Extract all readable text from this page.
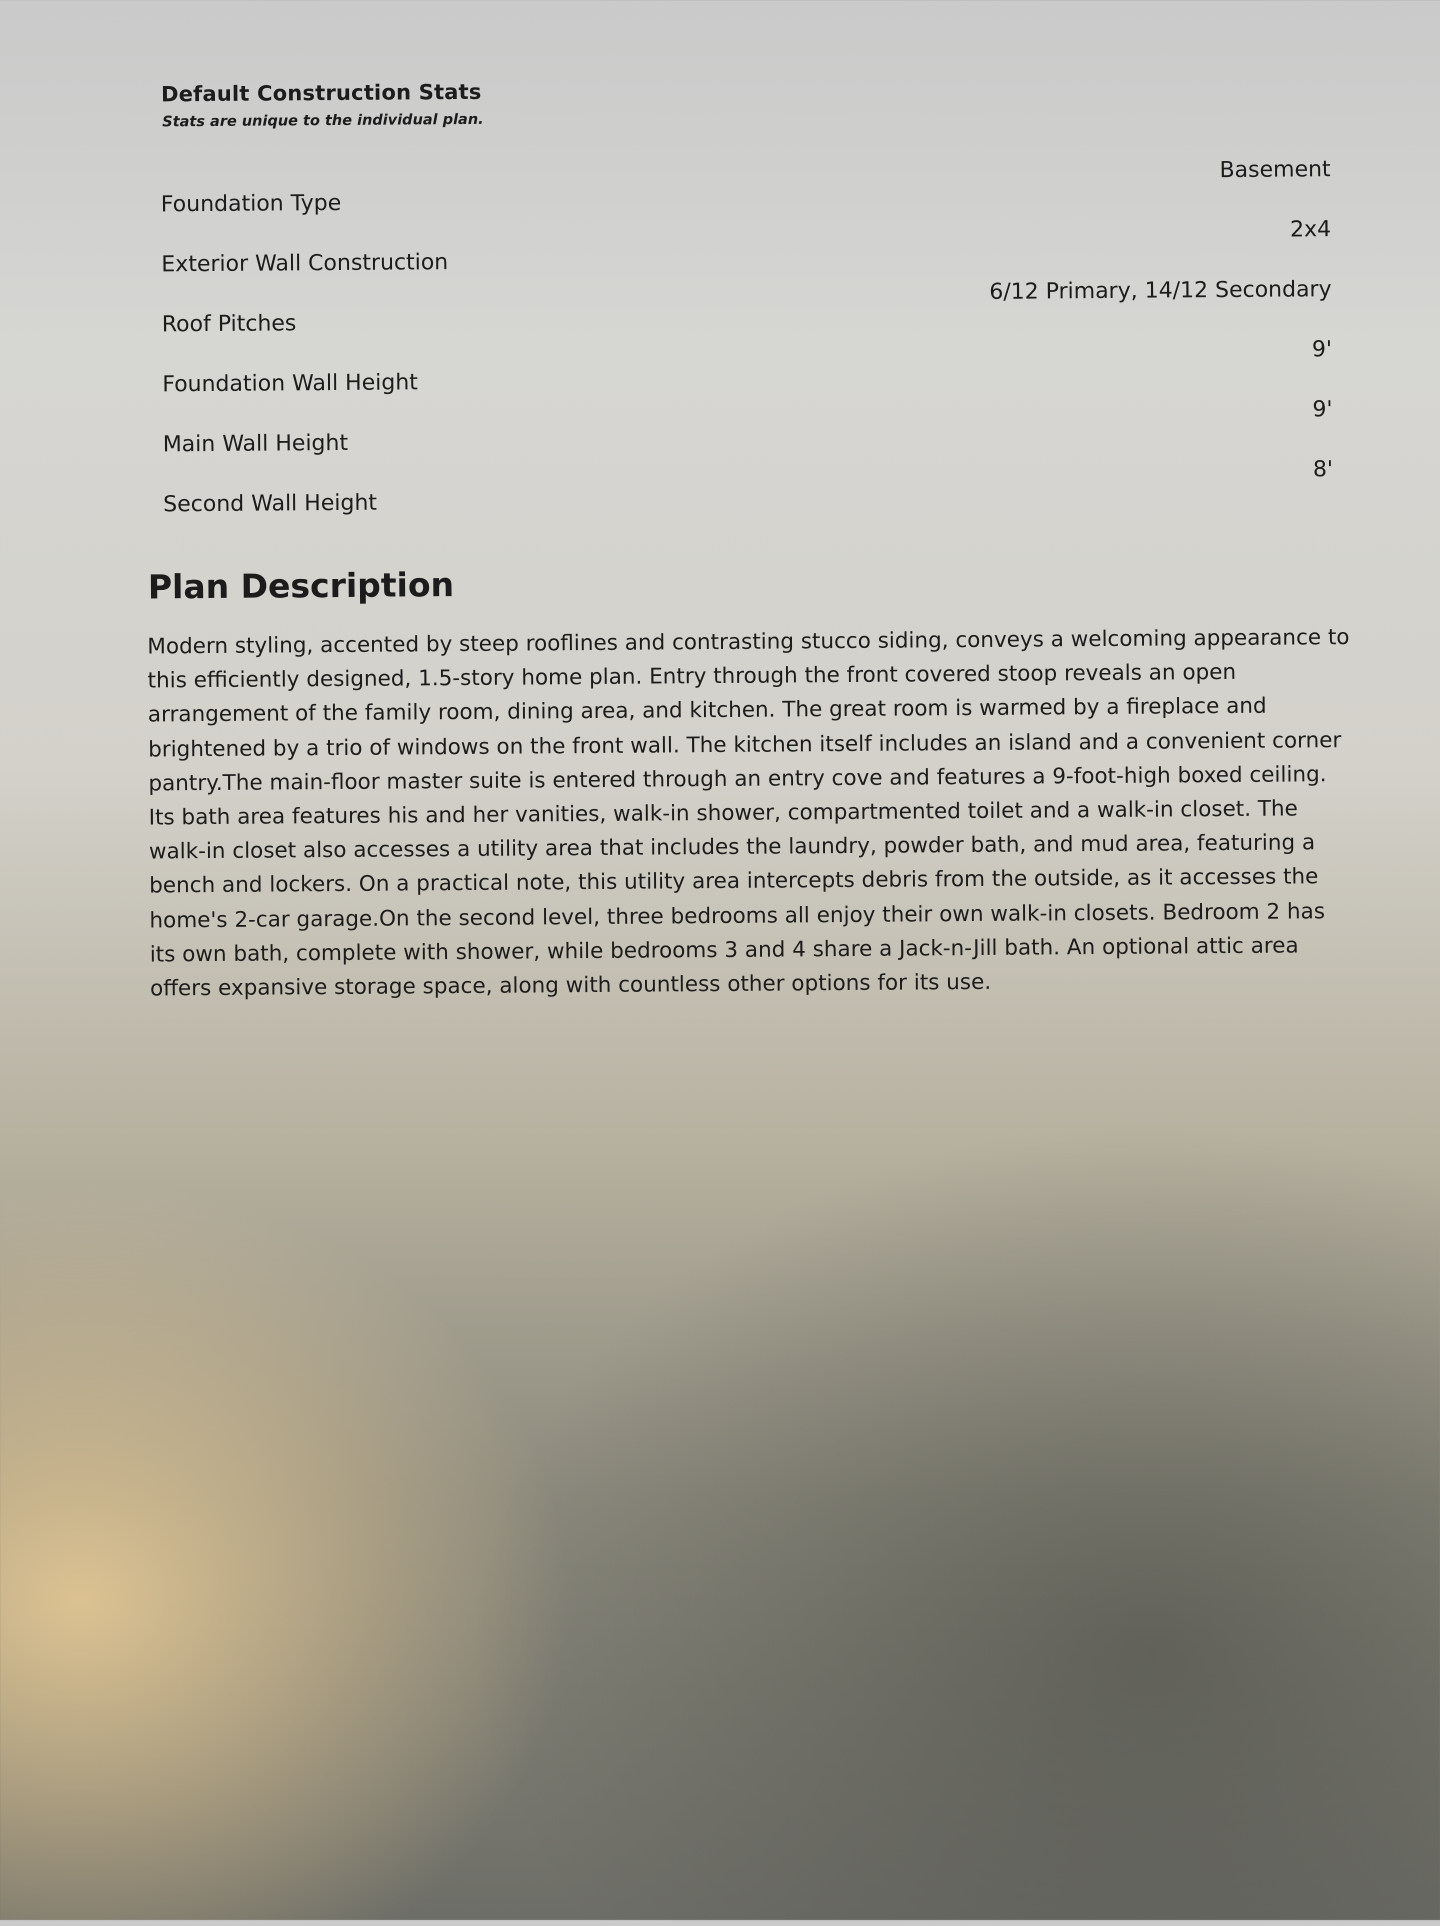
Default Construction Stats
Stats are unique to the individual plan.
Foundation Type
Basement
Exterior Wall Construction
2x4
Roof Pitches
6/12 Primary, 14/12 Secondary
Foundation Wall Height
9'
Main Wall Height
9'
Second Wall Height
8'
Plan Description
Modern styling, accented by steep rooflines and contrasting stucco siding, conveys a welcoming appearance to this efficiently designed, 1.5-story home plan. Entry through the front covered stoop reveals an open arrangement of the family room, dining area, and kitchen. The great room is warmed by a fireplace and brightened by a trio of windows on the front wall. The kitchen itself includes an island and a convenient corner pantry.The main-floor master suite is entered through an entry cove and features a 9-foot-high boxed ceiling. Its bath area features his and her vanities, walk-in shower, compartmented toilet and a walk-in closet. The walk-in closet also accesses a utility area that includes the laundry, powder bath, and mud area, featuring a bench and lockers. On a practical note, this utility area intercepts debris from the outside, as it accesses the home's 2-car garage.On the second level, three bedrooms all enjoy their own walk-in closets. Bedroom 2 has its own bath, complete with shower, while bedrooms 3 and 4 share a Jack-n-Jill bath. An optional attic area offers expansive storage space, along with countless other options for its use.
